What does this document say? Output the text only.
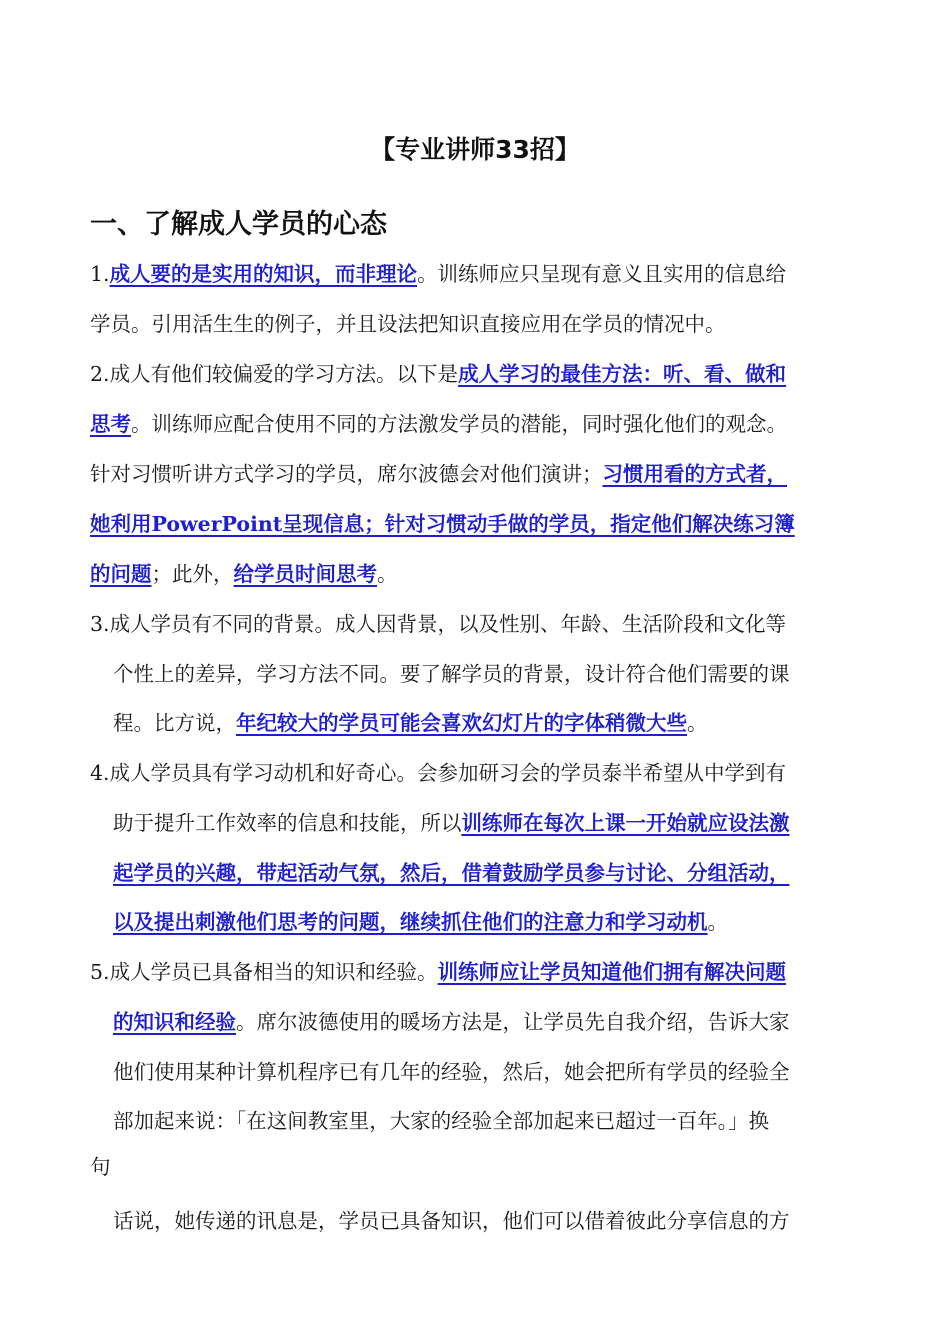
【专业讲师33招】
一、了解成人学员的心态
1.成人要的是实用的知识，而非理论。训练师应只呈现有意义且实用的信息给
学员。引用活生生的例子，并且设法把知识直接应用在学员的情况中。
2.成人有他们较偏爱的学习方法。以下是成人学习的最佳方法：听、看、做和
思考。训练师应配合使用不同的方法激发学员的潜能，同时强化他们的观念。
针对习惯听讲方式学习的学员，席尔波德会对他们演讲；习惯用看的方式者，
她利用PowerPoint呈现信息；针对习惯动手做的学员，指定他们解决练习簿
的问题；此外，给学员时间思考。
3.成人学员有不同的背景。成人因背景，以及性别、年龄、生活阶段和文化等
个性上的差异，学习方法不同。要了解学员的背景，设计符合他们需要的课
程。比方说，年纪较大的学员可能会喜欢幻灯片的字体稍微大些。
4.成人学员具有学习动机和好奇心。会参加研习会的学员泰半希望从中学到有
助于提升工作效率的信息和技能，所以训练师在每次上课一开始就应设法激
起学员的兴趣，带起活动气氛，然后，借着鼓励学员参与讨论、分组活动，
以及提出刺激他们思考的问题，继续抓住他们的注意力和学习动机。
5.成人学员已具备相当的知识和经验。训练师应让学员知道他们拥有解决问题
的知识和经验。席尔波德使用的暖场方法是，让学员先自我介绍，告诉大家
他们使用某种计算机程序已有几年的经验，然后，她会把所有学员的经验全
部加起来说：「在这间教室里，大家的经验全部加起来已超过一百年。」换
句
话说，她传递的讯息是，学员已具备知识，他们可以借着彼此分享信息的方
